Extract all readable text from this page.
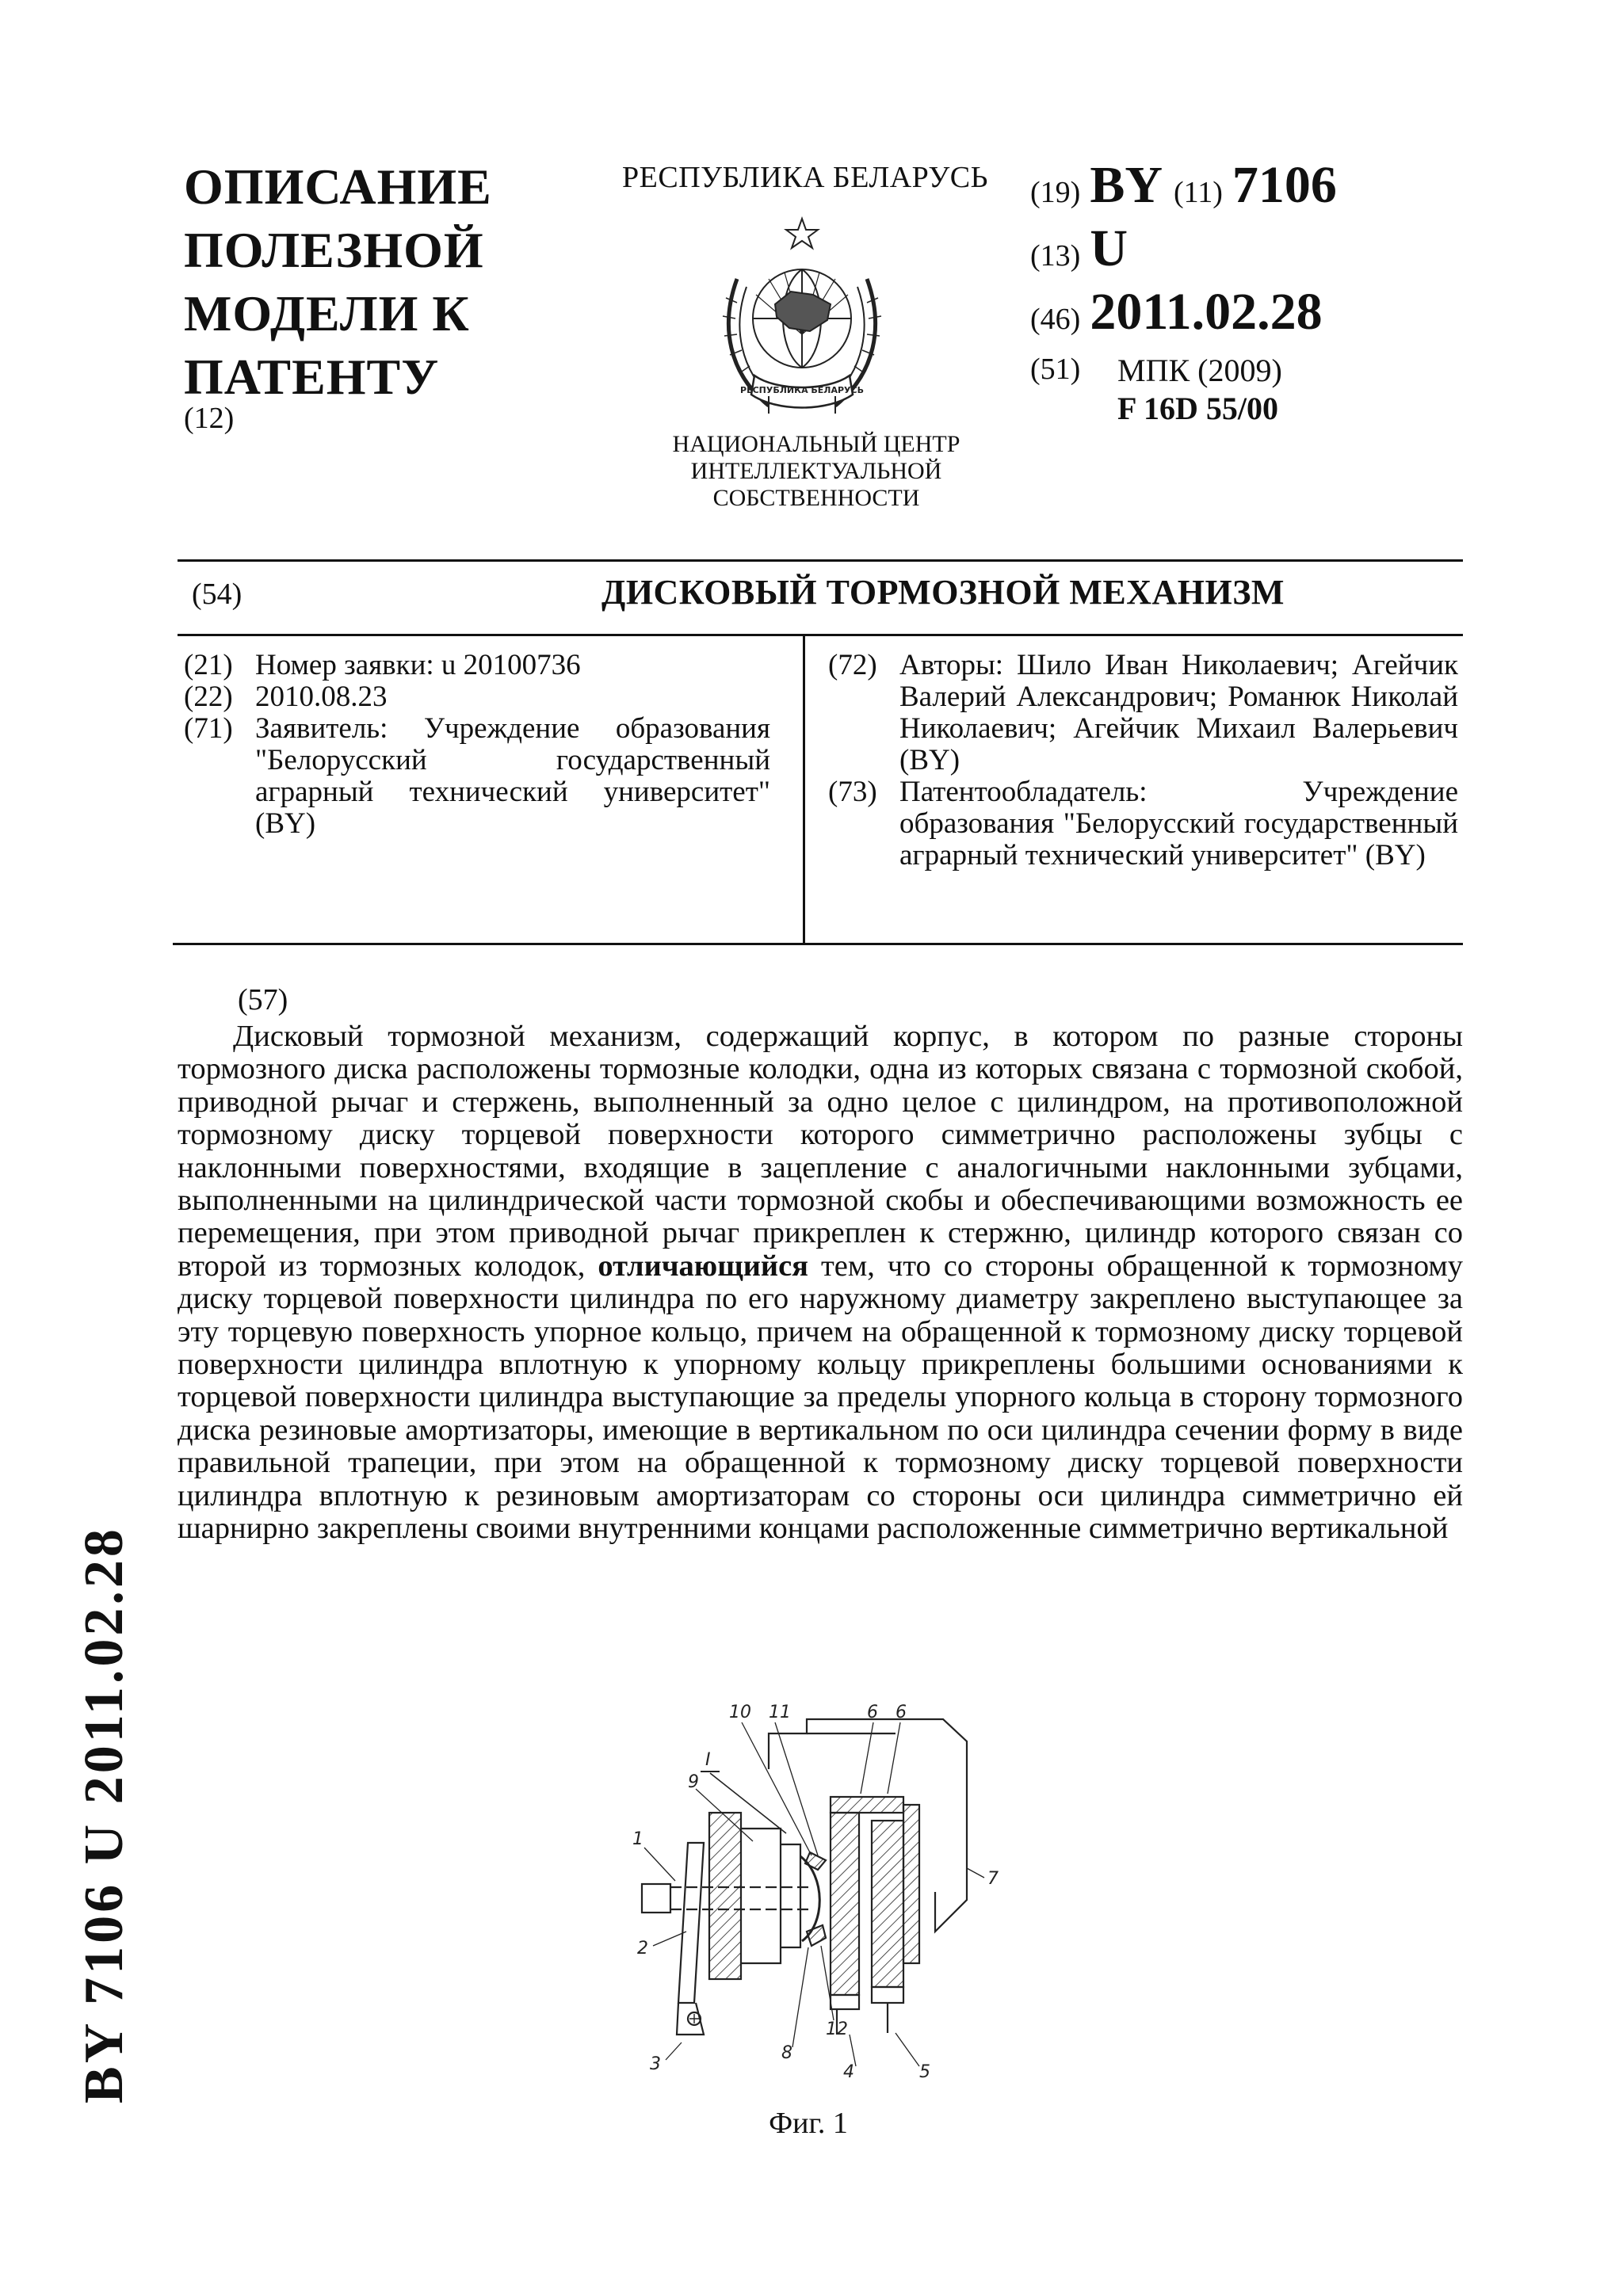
ОПИСАНИЕ
ПОЛЕЗНОЙ
МОДЕЛИ К
ПАТЕНТУ
(12)
РЕСПУБЛИКА БЕЛАРУСЬ
РЕСПУБЛИКА БЕЛАРУСЬ
НАЦИОНАЛЬНЫЙ ЦЕНТР
ИНТЕЛЛЕКТУАЛЬНОЙ
СОБСТВЕННОСТИ
(19) BY (11) 7106
(13) U
(46) 2011.02.28
(51)	МПК (2009)
F 16D 55/00
(54)	ДИСКОВЫЙ ТОРМОЗНОЙ МЕХАНИЗМ
(21) Номер заявки: u 20100736
(22) 2010.08.23
(71) Заявитель: Учреждение образования "Белорусский государственный аграрный технический университет" (BY)
(72) Авторы: Шило Иван Николаевич; Агейчик Валерий Александрович; Романюк Николай Николаевич; Агейчик Михаил Валерьевич (BY)
(73) Патентообладатель: Учреждение образования "Белорусский государственный аграрный технический университет" (BY)
(57)
Дисковый тормозной механизм, содержащий корпус, в котором по разные стороны тормозного диска расположены тормозные колодки, одна из которых связана с тормозной скобой, приводной рычаг и стержень, выполненный за одно целое с цилиндром, на противоположной тормозному диску торцевой поверхности которого симметрично расположены зубцы с наклонными поверхностями, входящие в зацепление с аналогичными наклонными зубцами, выполненными на цилиндрической части тормозной скобы и обеспечивающими возможность ее перемещения, при этом приводной рычаг прикреплен к стержню, цилиндр которого связан со второй из тормозных колодок, отличающийся тем, что со стороны обращенной к тормозному диску торцевой поверхности цилиндра по его наружному диаметру закреплено выступающее за эту торцевую поверхность упорное кольцо, причем на обращенной к тормозному диску торцевой поверхности цилиндра вплотную к упорному кольцу прикреплены большими основаниями к торцевой поверхности цилиндра выступающие за пределы упорного кольца в сторону тормозного диска резиновые амортизаторы, имеющие в вертикальном по оси цилиндра сечении форму в виде правильной трапеции, при этом на обращенной к тормозному диску торцевой поверхности цилиндра вплотную к резиновым амортизаторам со стороны оси цилиндра симметрично ей шарнирно закреплены своими внутренними концами расположенные симметрично вертикальной
1
2
3	4	5
6 6
7
8
9
10 11
12
I
Фиг. 1
BY 7106 U 2011.02.28
